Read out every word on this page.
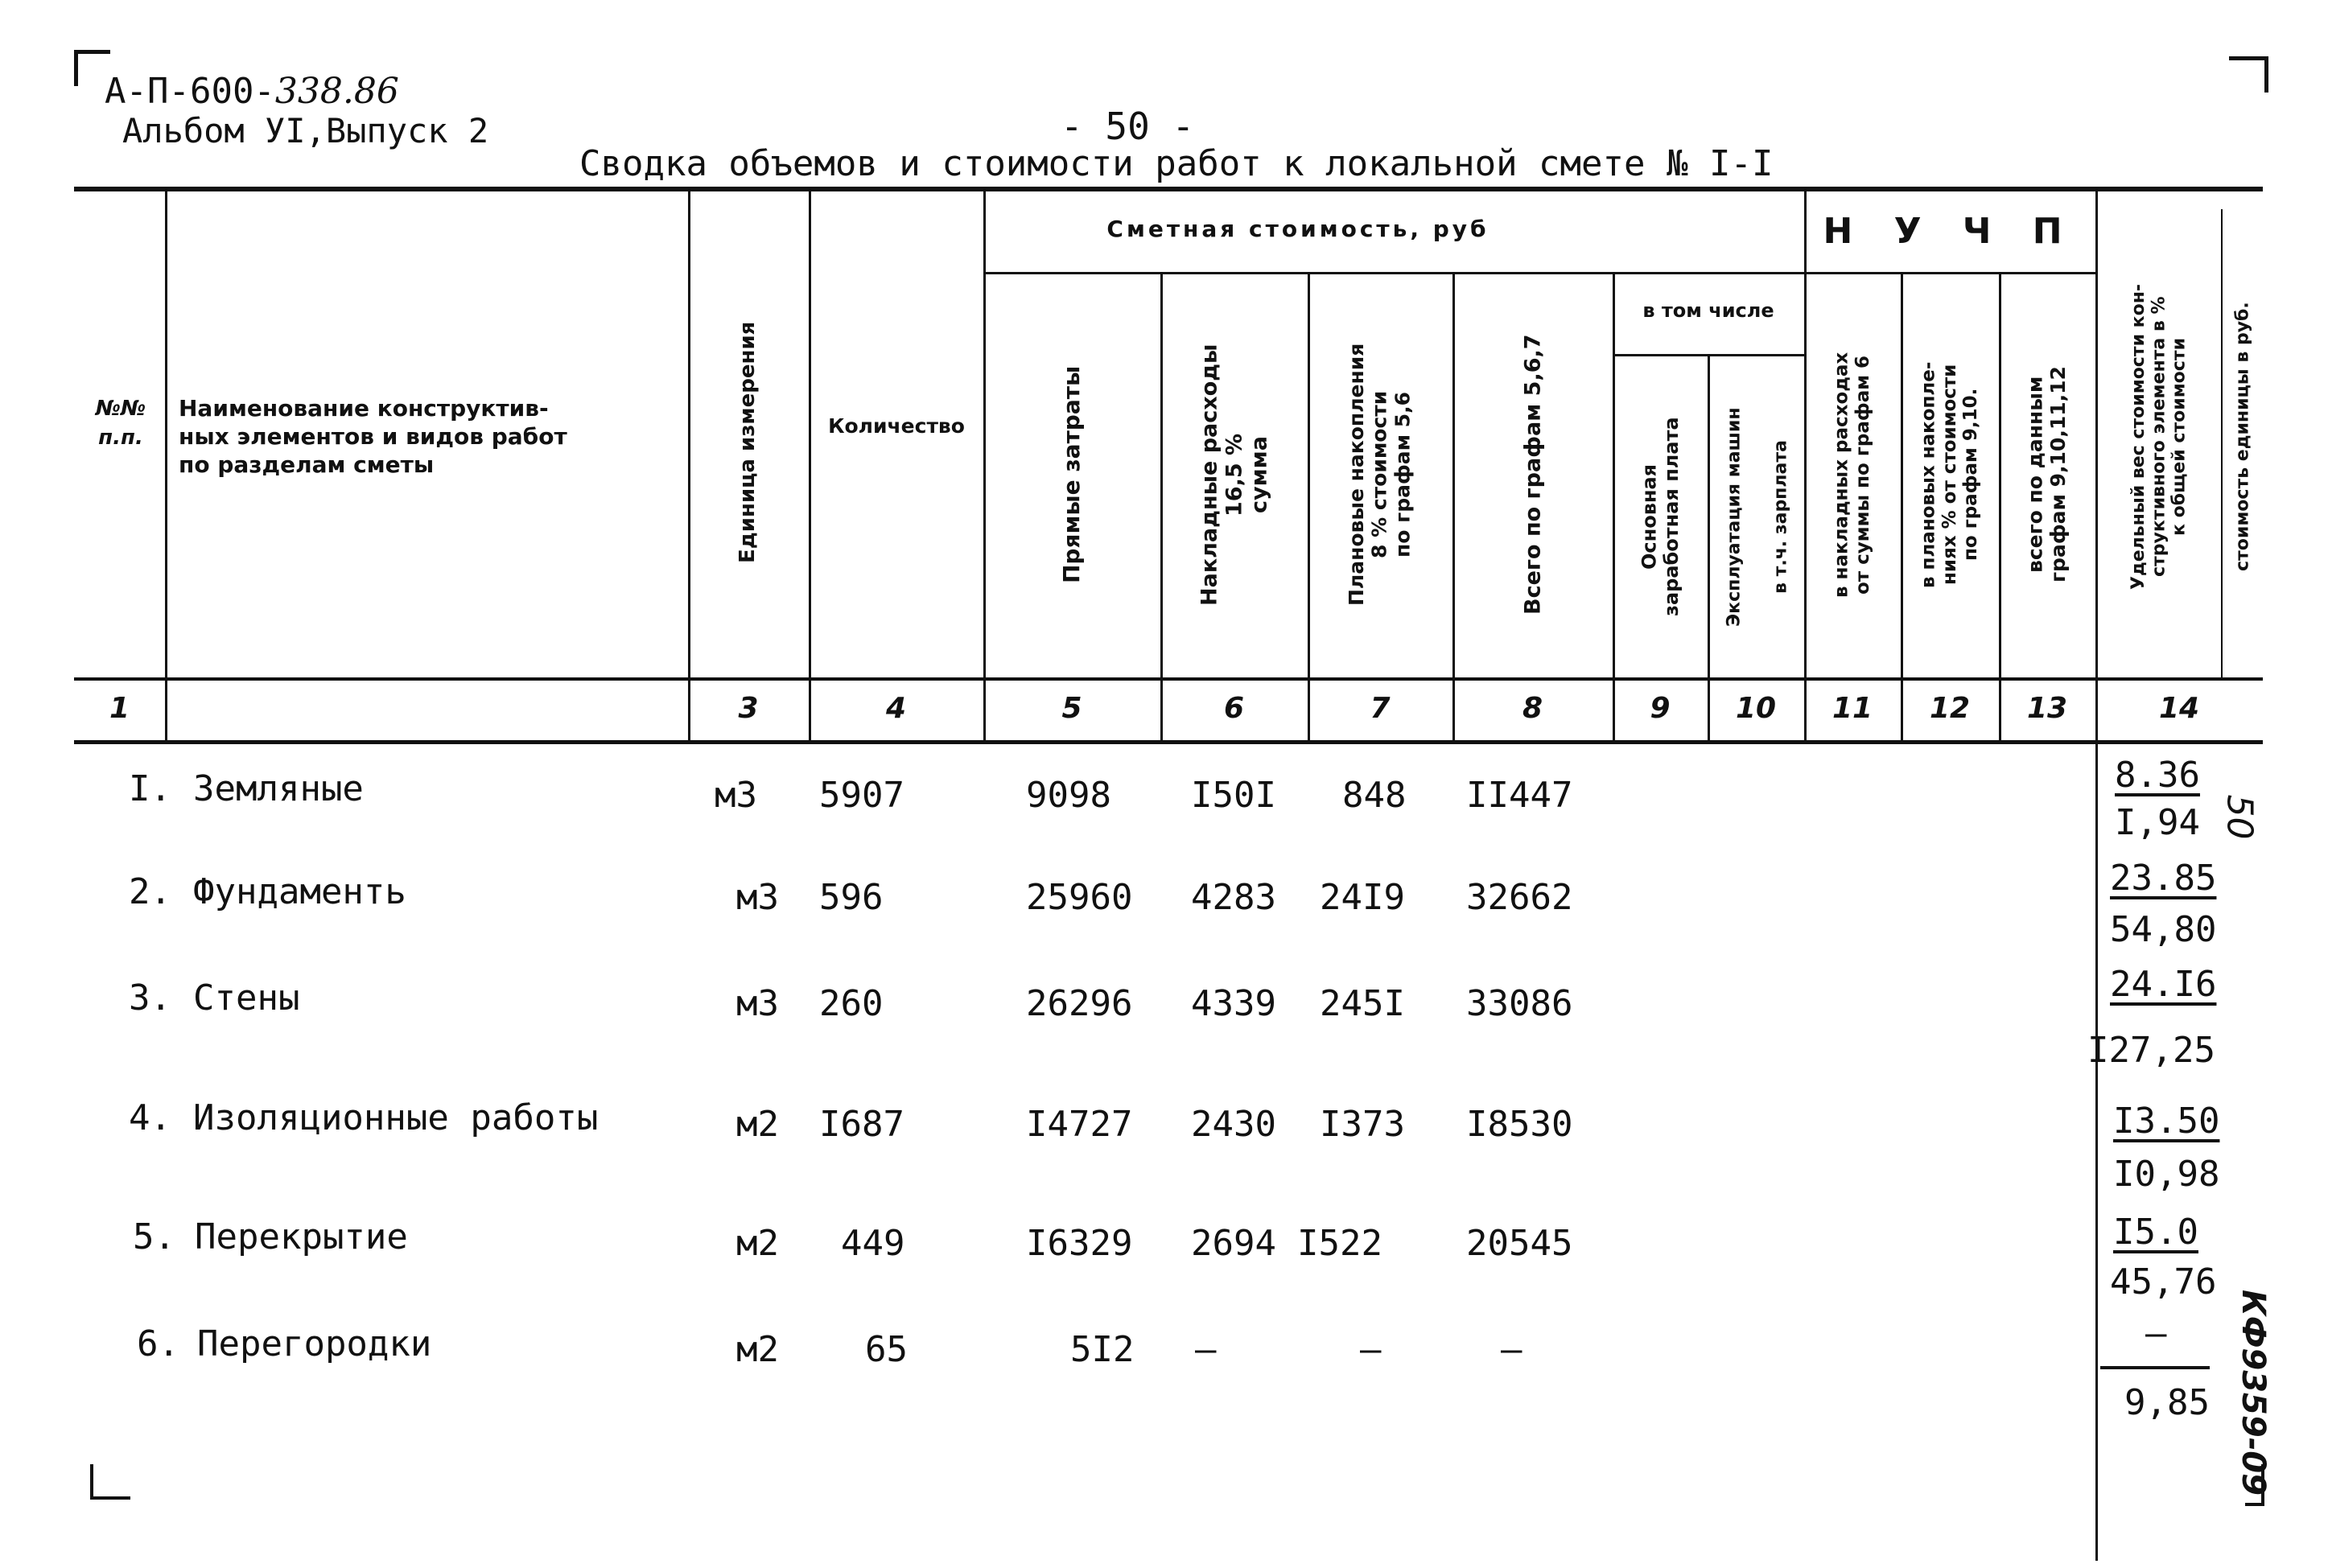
А-П-600-338.86
Альбом УI,Выпуск 2	- 50 -
Сводка объемов и стоимости работ к локальной смете № I-I
№№
п.п.
Наименование конструктив-
ных элементов и видов работ
по разделам сметы	Единица измерения	Количество
Сметная стоимость, руб
Прямые затраты	Накладные расходы
16,5 %
сумма
Плановые накопления
8 % стоимости
по графам 5,6	Всего по графам 5,6,7
в том числе
Основная
заработная плата	Эксплуатация машин	в т.ч. зарплата
Н У Ч П
в накладных расходах
от суммы по графам 6
в плановых накопле-
ниях % от стоимости
по графам 9,10.
всего по данным
графам 9,10,11,12
Удельный вес стоимости кон-
структивного элемента в %
к общей стоимости	стоимость единицы в руб.
1	3	4	5	6	7	8	9	10	11	12	13	14
I. Земляные	м3 5907	9098 I50I 848 II447	8.36
I,94
2. Фундаменть	м3 596	25960 4283 24I9 32662	23.85
54,80
3. Стены	м3 260	26296 4339 245I 33086	24.I6
I27,25
4. Изоляционные работы	м2 I687	I4727 2430 I373 I8530	I3.50
I0,98
5. Перекрытие	м2 449	I6329 2694 I522 20545	I5.0
45,76
6. Перегородки	м2 65	5I2 –	–	–	–
9,85
50
КФ9359-09
